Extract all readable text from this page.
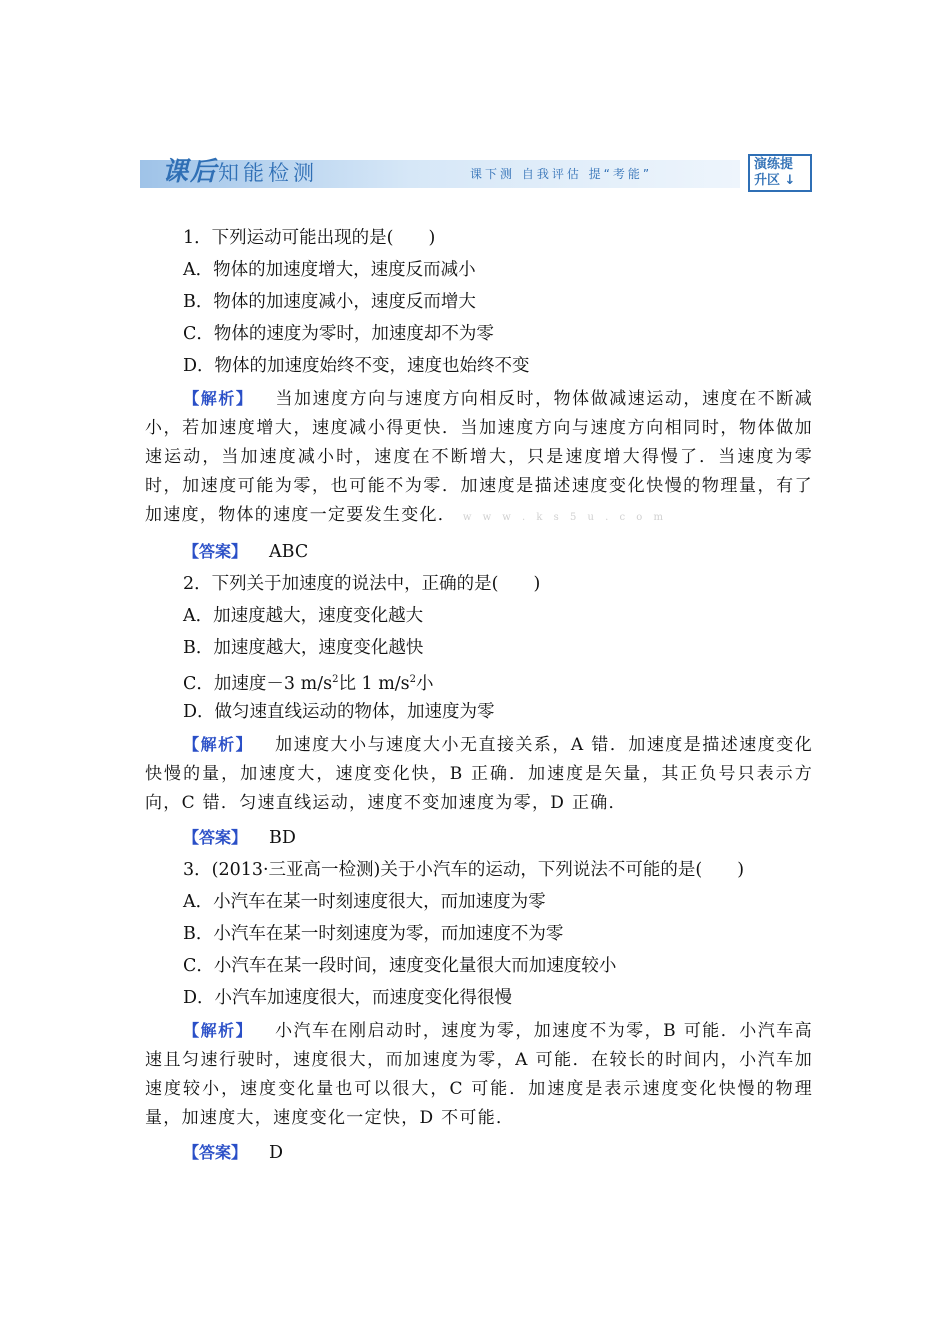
课后知能检测	课下测 自我评估 提“考能”
演练提
升区 ↓
1．下列运动可能出现的是(　　)
A．物体的加速度增大，速度反而减小
B．物体的加速度减小，速度反而增大
C．物体的速度为零时，加速度却不为零
D．物体的加速度始终不变，速度也始终不变
【解析】 当加速度方向与速度方向相反时，物体做减速运动，速度在不断减小，若加速度增大，速度减小得更快．当加速度方向与速度方向相同时，物体做加速运动，当加速度减小时，速度在不断增大，只是速度增大得慢了．当速度为零时，加速度可能为零，也可能不为零．加速度是描述速度变化快慢的物理量，有了加速度，物体的速度一定要发生变化． w w w . k s 5 u . c o m
【答案】 ABC
2．下列关于加速度的说法中，正确的是(　　)
A．加速度越大，速度变化越大
B．加速度越大，速度变化越快
C．加速度－3 $m/s^2$比 1 $m/s^2$小
D．做匀速直线运动的物体，加速度为零
【解析】 加速度大小与速度大小无直接关系，A 错．加速度是描述速度变化快慢的量，加速度大，速度变化快，B 正确．加速度是矢量，其正负号只表示方向，C 错．匀速直线运动，速度不变加速度为零，D 正确．
【答案】 BD
3．(2013·三亚高一检测)关于小汽车的运动，下列说法不可能的是(　　)
A．小汽车在某一时刻速度很大，而加速度为零
B．小汽车在某一时刻速度为零，而加速度不为零
C．小汽车在某一段时间，速度变化量很大而加速度较小
D．小汽车加速度很大，而速度变化得很慢
【解析】 小汽车在刚启动时，速度为零，加速度不为零，B 可能．小汽车高速且匀速行驶时，速度很大，而加速度为零，A 可能．在较长的时间内，小汽车加速度较小，速度变化量也可以很大，C 可能．加速度是表示速度变化快慢的物理量，加速度大，速度变化一定快，D 不可能．
【答案】 D
